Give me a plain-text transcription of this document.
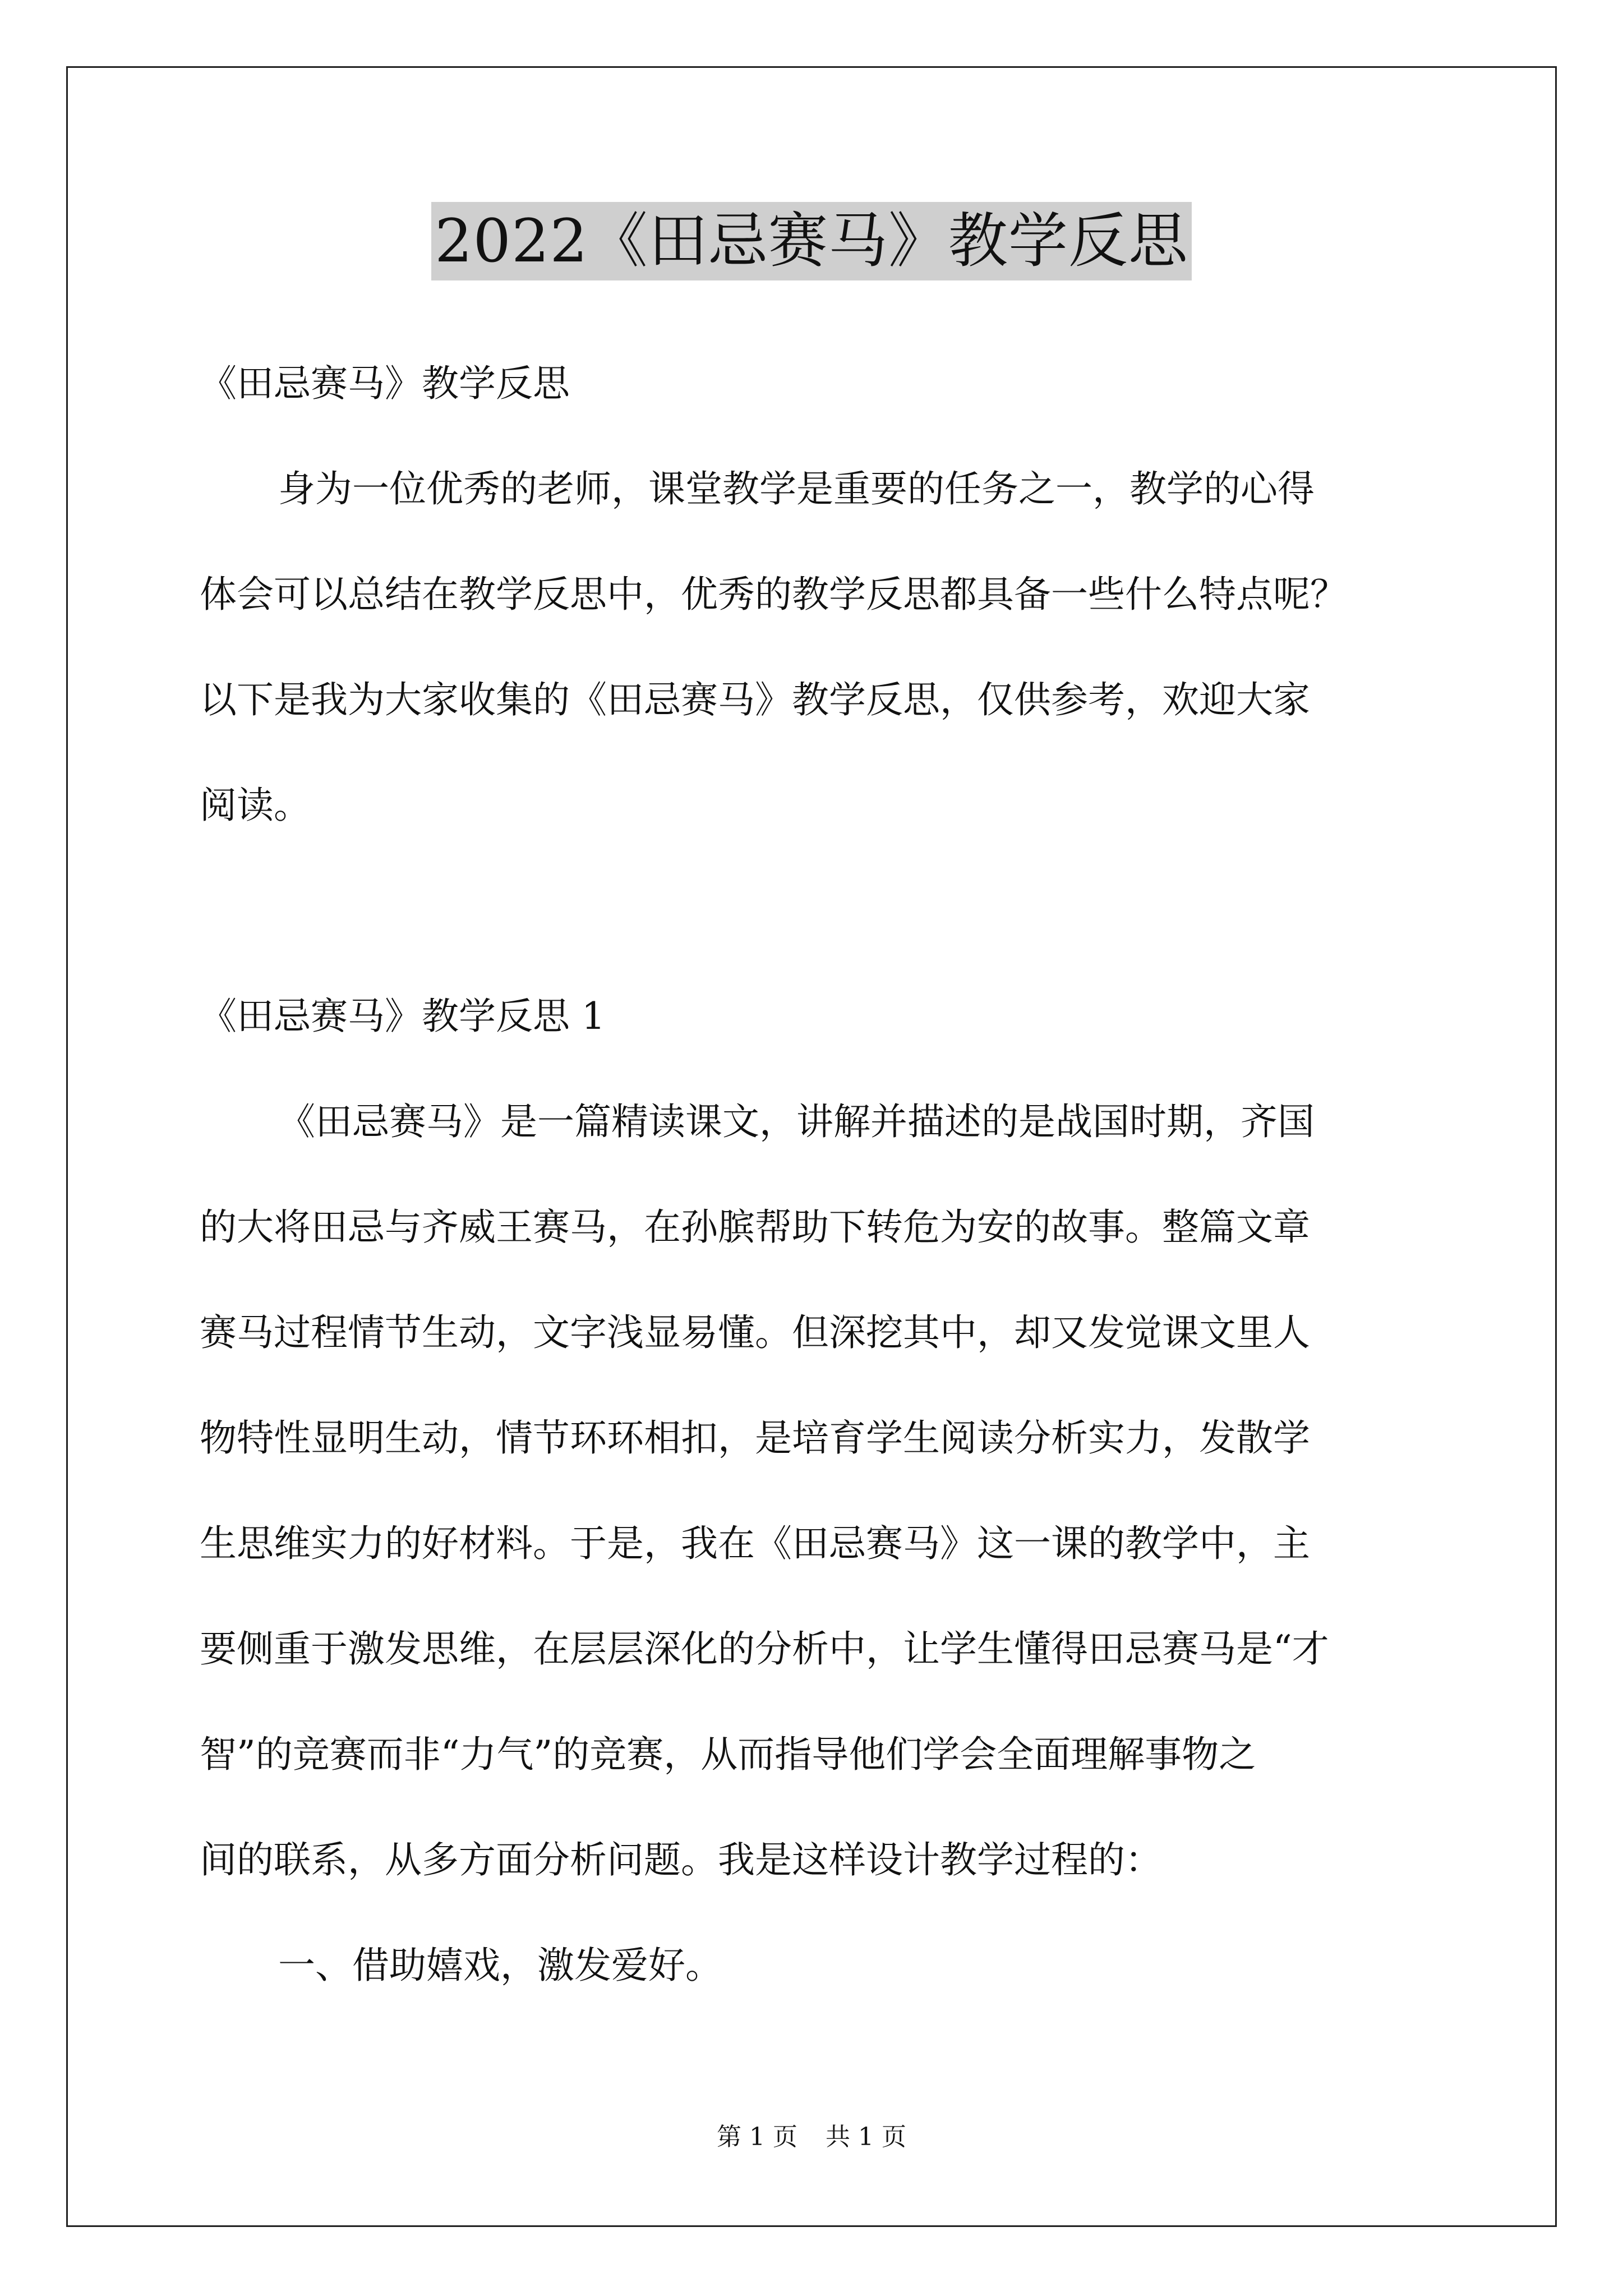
2022《田忌赛马》教学反思
《田忌赛马》教学反思
身为一位优秀的老师，课堂教学是重要的任务之一，教学的心得
体会可以总结在教学反思中，优秀的教学反思都具备一些什么特点呢？
以下是我为大家收集的《田忌赛马》教学反思，仅供参考，欢迎大家
阅读。
《田忌赛马》教学反思 1
《田忌赛马》是一篇精读课文，讲解并描述的是战国时期，齐国
的大将田忌与齐威王赛马，在孙膑帮助下转危为安的故事。整篇文章
赛马过程情节生动，文字浅显易懂。但深挖其中，却又发觉课文里人
物特性显明生动，情节环环相扣，是培育学生阅读分析实力，发散学
生思维实力的好材料。于是，我在《田忌赛马》这一课的教学中，主
要侧重于激发思维，在层层深化的分析中，让学生懂得田忌赛马是“才
智”的竞赛而非“力气”的竞赛，从而指导他们学会全面理解事物之
间的联系，从多方面分析问题。我是这样设计教学过程的：
一、借助嬉戏，激发爱好。
第 1 页 共 1 页
